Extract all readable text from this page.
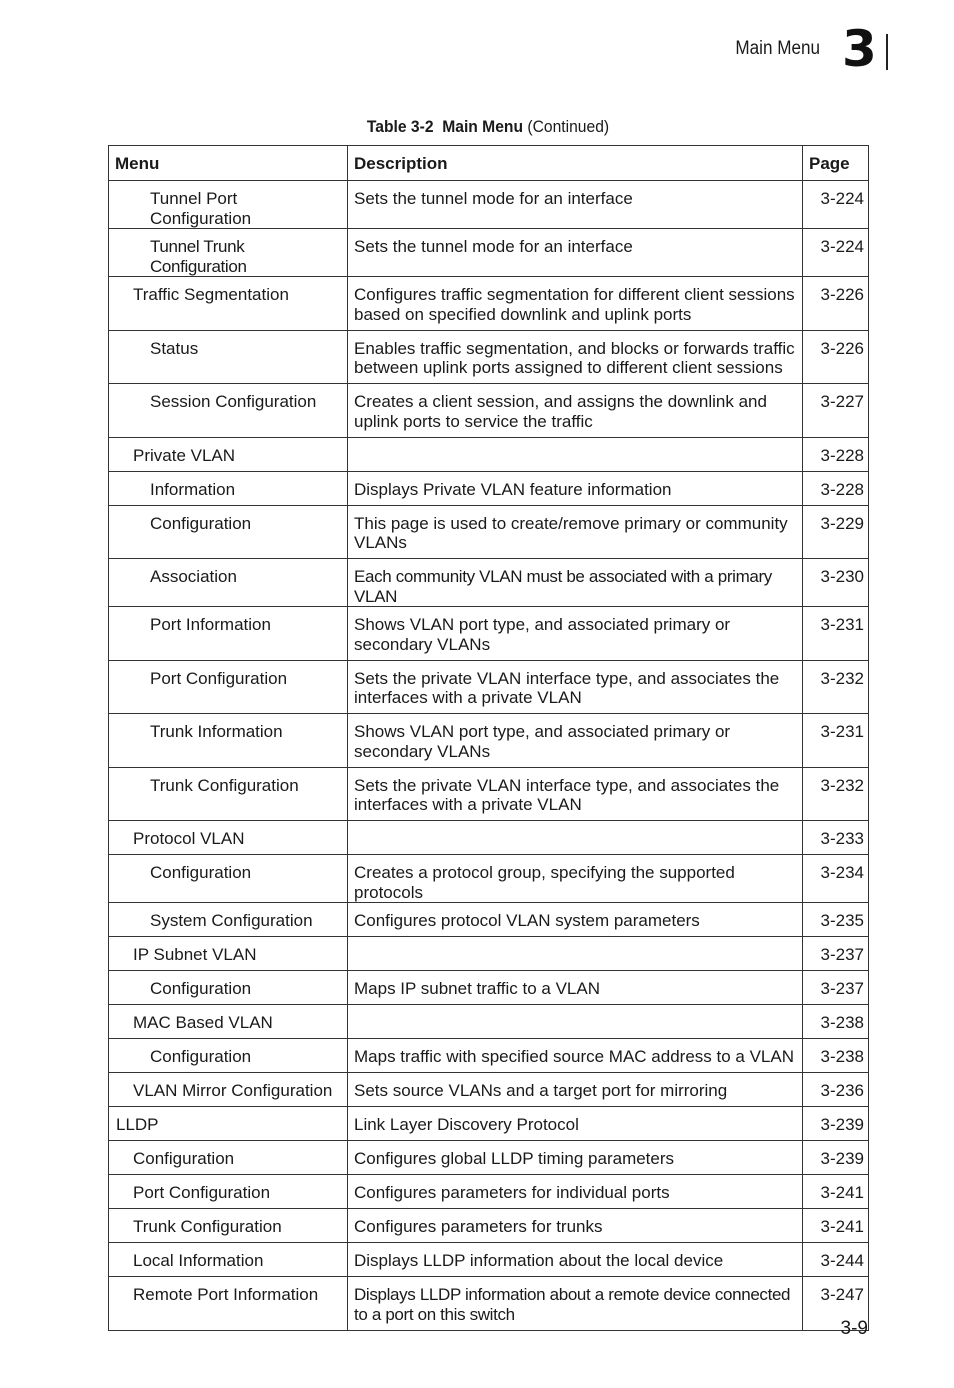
Main Menu 3
Table 3-2 Main Menu (Continued)
Menu	Description	Page
Tunnel Port Configuration	Sets the tunnel mode for an interface	3-224
Tunnel Trunk Configuration	Sets the tunnel mode for an interface	3-224
Traffic Segmentation	Configures traffic segmentation for different client sessions based on specified downlink and uplink ports	3-226
Status	Enables traffic segmentation, and blocks or forwards traffic between uplink ports assigned to different client sessions	3-226
Session Configuration	Creates a client session, and assigns the downlink and uplink ports to service the traffic	3-227
Private VLAN		3-228
Information	Displays Private VLAN feature information	3-228
Configuration	This page is used to create/remove primary or community VLANs	3-229
Association	Each community VLAN must be associated with a primary VLAN	3-230
Port Information	Shows VLAN port type, and associated primary or secondary VLANs	3-231
Port Configuration	Sets the private VLAN interface type, and associates the interfaces with a private VLAN	3-232
Trunk Information	Shows VLAN port type, and associated primary or secondary VLANs	3-231
Trunk Configuration	Sets the private VLAN interface type, and associates the interfaces with a private VLAN	3-232
Protocol VLAN		3-233
Configuration	Creates a protocol group, specifying the supported protocols	3-234
System Configuration	Configures protocol VLAN system parameters	3-235
IP Subnet VLAN		3-237
Configuration	Maps IP subnet traffic to a VLAN	3-237
MAC Based VLAN		3-238
Configuration	Maps traffic with specified source MAC address to a VLAN	3-238
VLAN Mirror Configuration	Sets source VLANs and a target port for mirroring	3-236
LLDP	Link Layer Discovery Protocol	3-239
Configuration	Configures global LLDP timing parameters	3-239
Port Configuration	Configures parameters for individual ports	3-241
Trunk Configuration	Configures parameters for trunks	3-241
Local Information	Displays LLDP information about the local device	3-244
Remote Port Information	Displays LLDP information about a remote device connected to a port on this switch	3-247
3-9
